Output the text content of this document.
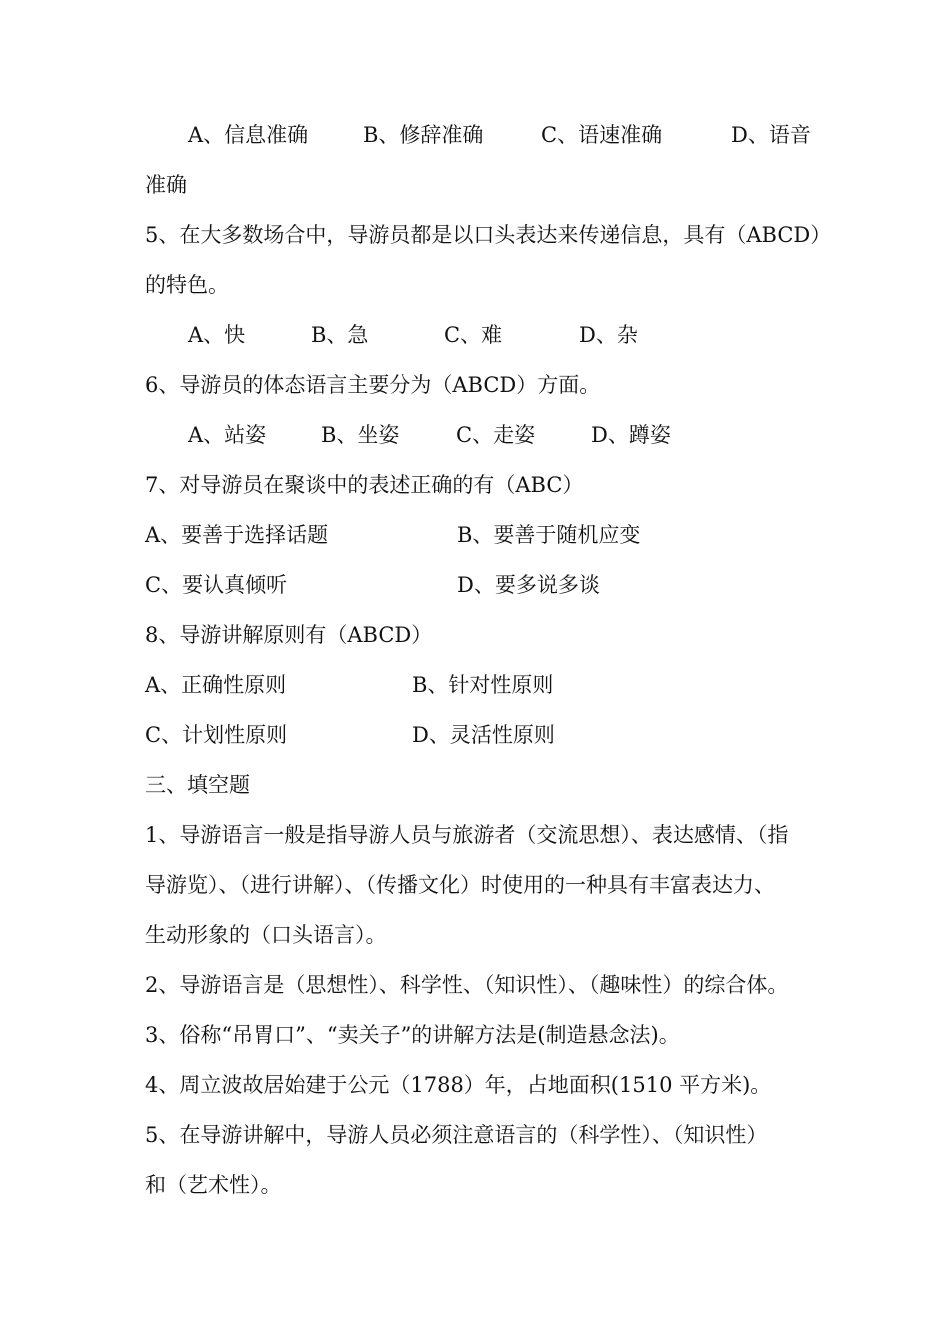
A、信息准确	B、修辞准确	C、语速准确	D、语音
准确
5、在大多数场合中，导游员都是以口头表达来传递信息，具有（ABCD）
的特色。
A、快	B、急	C、难	D、杂
6、导游员的体态语言主要分为（ABCD）方面。
A、站姿	B、坐姿	C、走姿	D、蹲姿
7、对导游员在聚谈中的表述正确的有（ABC）
A、要善于选择话题	B、要善于随机应变
C、要认真倾听	D、要多说多谈
8、导游讲解原则有（ABCD）
A、正确性原则	B、针对性原则
C、计划性原则	D、灵活性原则
三、填空题
1、导游语言一般是指导游人员与旅游者（交流思想）、表达感情、（指
导游览）、（进行讲解）、（传播文化）时使用的一种具有丰富表达力、
生动形象的（口头语言）。
2、导游语言是（思想性）、科学性、（知识性）、（趣味性）的综合体。
3、俗称“吊胃口”、“卖关子”的讲解方法是(制造悬念法)。
4、周立波故居始建于公元（1788）年，占地面积(1510 平方米)。
5、在导游讲解中，导游人员必须注意语言的（科学性）、（知识性）
和（艺术性）。
